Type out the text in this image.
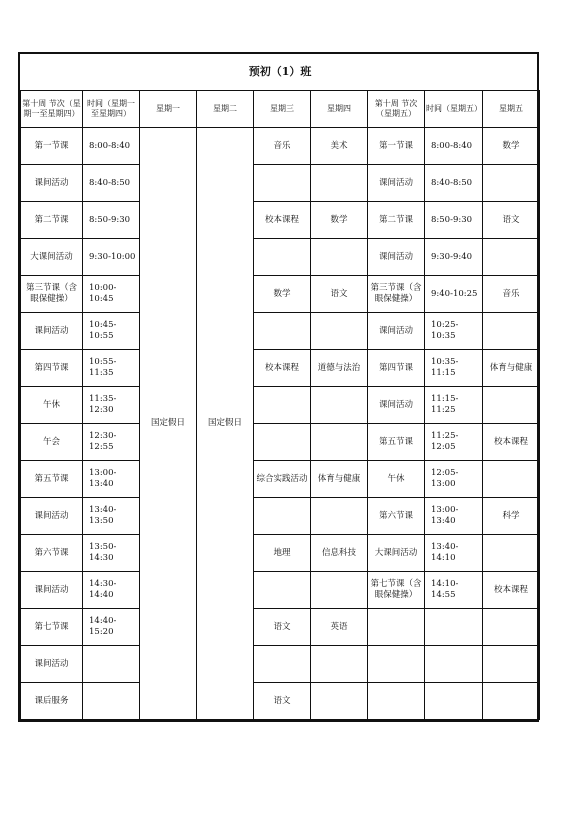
预初（1）班								
第十周 节次（星期一至星期四）	时间（星期一至星期四）	星期一	星期二	星期三	星期四	第十周 节次（星期五）	时间（星期五）	星期五
第一节课	8:00-8:40	国定假日	国定假日	音乐	美术	第一节课	8:00-8:40	数学
课间活动	8:40-8:50					课间活动	8:40-8:50	
第二节课	8:50-9:30			校本课程	数学	第二节课	8:50-9:30	语文
大课间活动	9:30-10:00					课间活动	9:30-9:40	
第三节课（含眼保健操）	10:00-10:45			数学	语文	第三节课（含眼保健操）	9:40-10:25	音乐
课间活动	10:45-10:55					课间活动	10:25-10:35	
第四节课	10:55-11:35			校本课程	道德与法治	第四节课	10:35-11:15	体育与健康
午休	11:35-12:30					课间活动	11:15-11:25	
午会	12:30-12:55					第五节课	11:25-12:05	校本课程
第五节课	13:00-13:40			综合实践活动	体育与健康	午休	12:05-13:00	
课间活动	13:40-13:50					第六节课	13:00-13:40	科学
第六节课	13:50-14:30			地理	信息科技	大课间活动	13:40-14:10	
课间活动	14:30-14:40					第七节课（含眼保健操）	14:10-14:55	校本课程
第七节课	14:40-15:20			语文	英语			
课间活动								
课后服务				语文				
